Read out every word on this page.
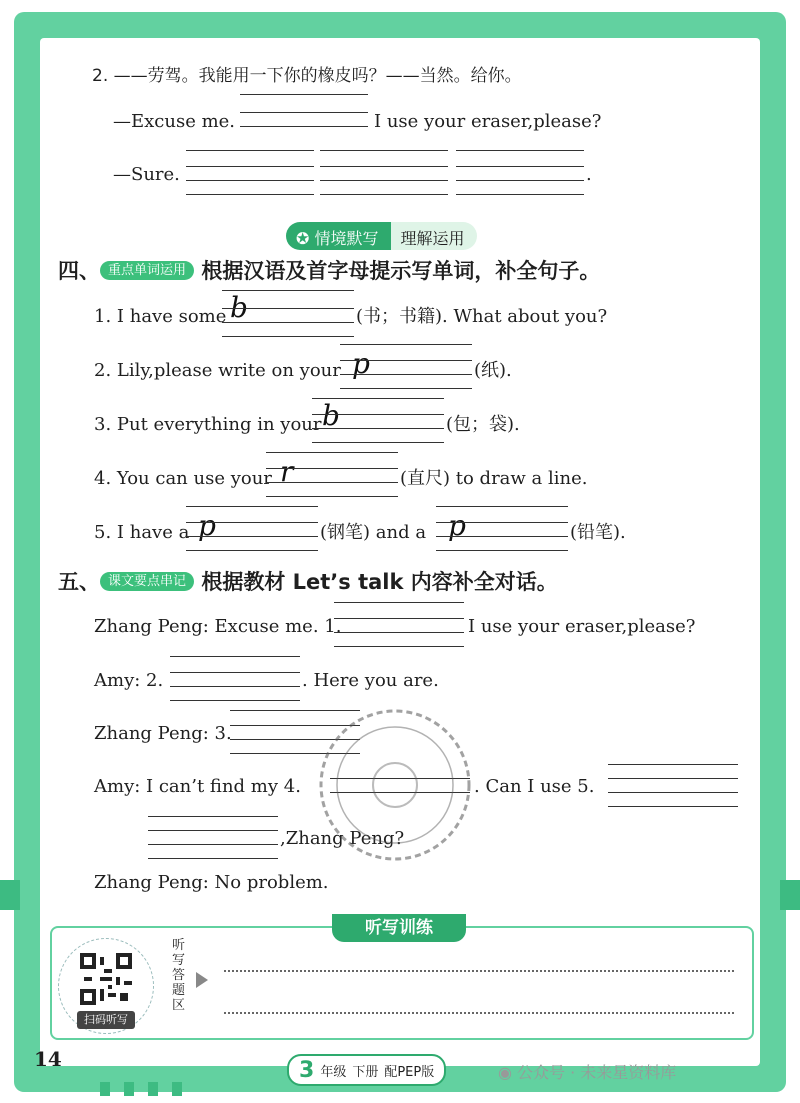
2. ——劳驾。我能用一下你的橡皮吗？——当然。给你。
—Excuse me.	I use your eraser,please?
—Sure.	.
✪ 情境默写	理解运用
四、 重点单词运用 根据汉语及首字母提示写单词，补全句子。
1. I have some b	(书；书籍). What about you?
2. Lily,please write on your p	(纸).
3. Put everything in your b	(包；袋).
4. You can use your r	(直尺) to draw a line.
5. I have a p	(钢笔) and a p	(铅笔).
五、 课文要点串记 根据教材 Let’s talk 内容补全对话。
Zhang Peng: Excuse me. 1.	I use your eraser,please?
Amy: 2.	. Here you are.
Zhang Peng: 3.
Amy: I can’t find my 4.	. Can I use 5.
,Zhang Peng?
Zhang Peng: No problem.
听写训练
扫码听写
听写答题区
14	3 年级 下册 配PEP版	◉ 公众号 · 未来星资料库
